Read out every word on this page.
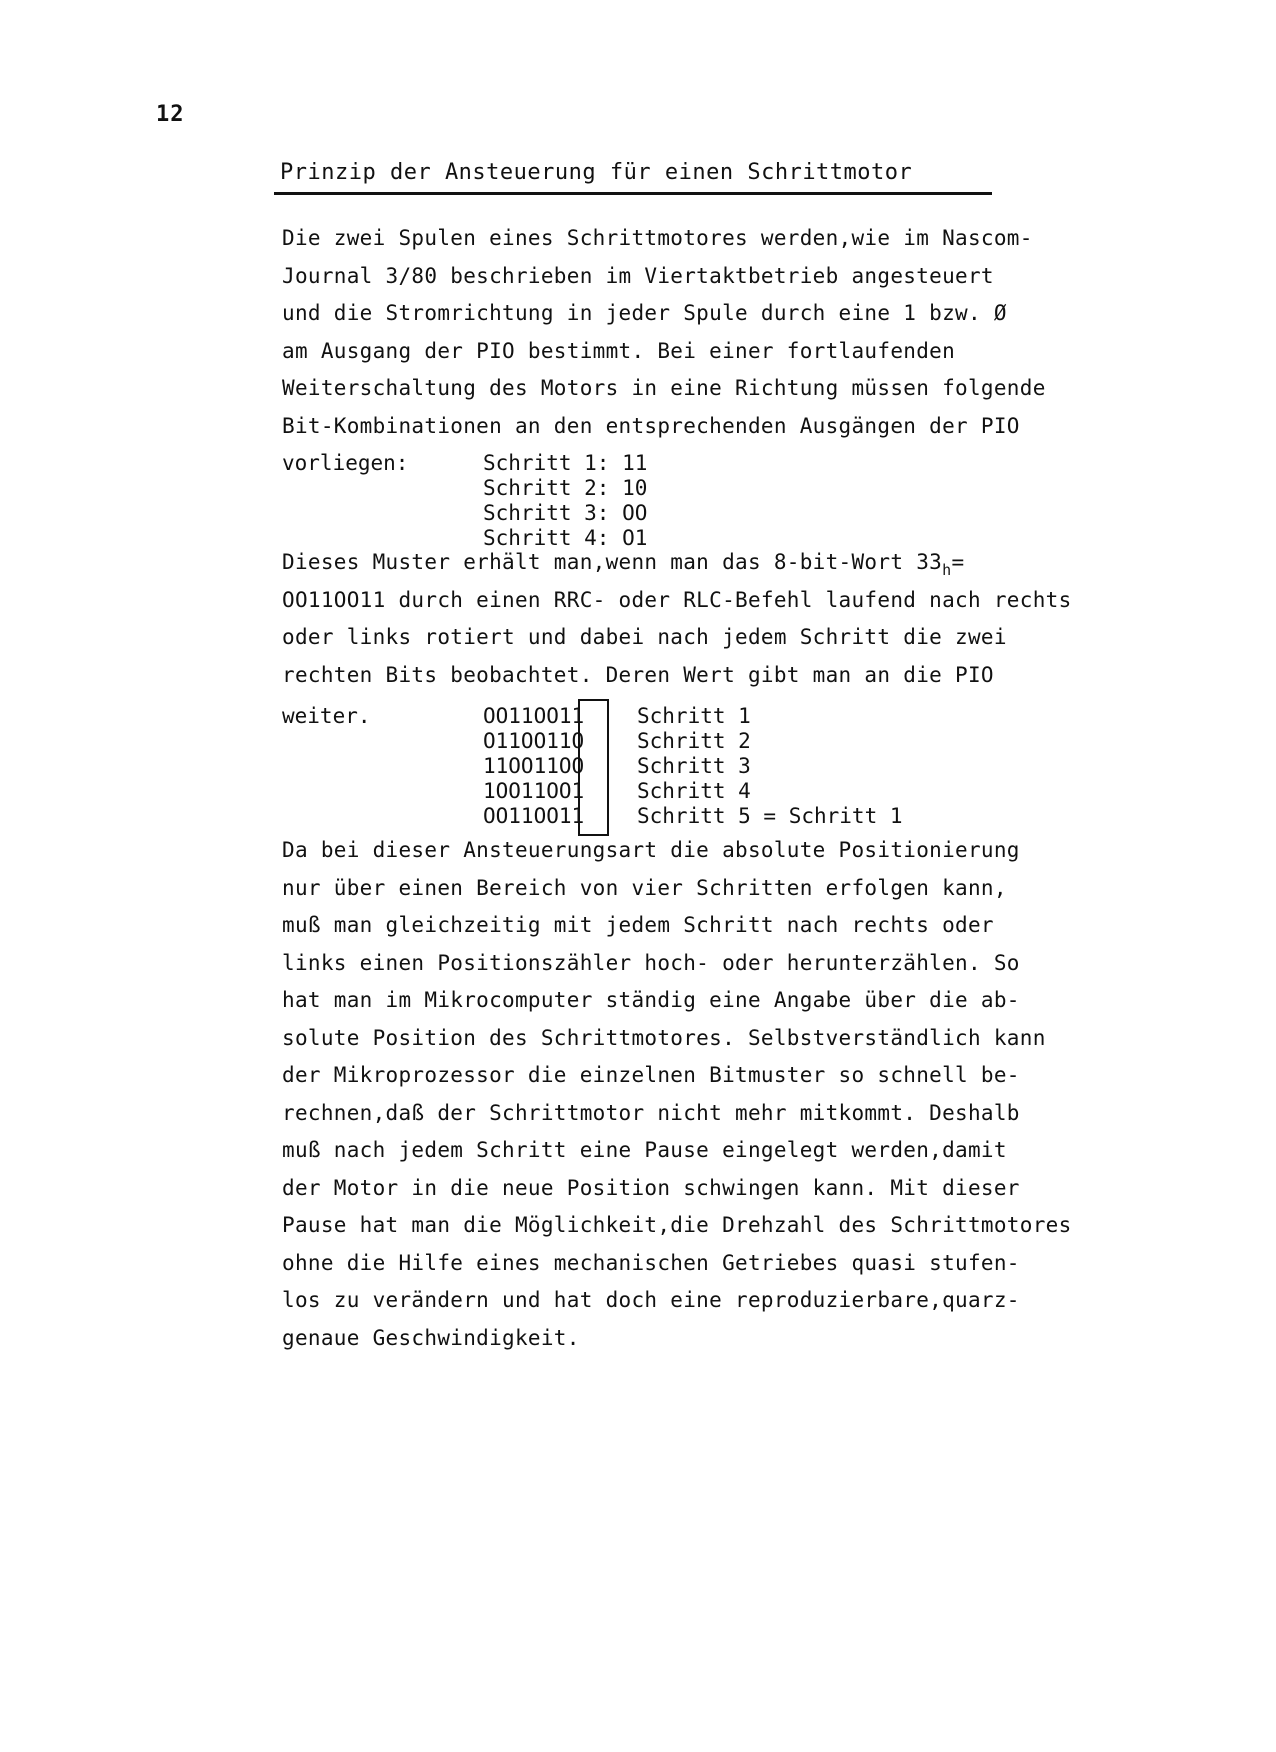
12
Prinzip der Ansteuerung für einen Schrittmotor
Die zwei Spulen eines Schrittmotores werden,wie im Nascom-
Journal 3/80 beschrieben im Viertaktbetrieb angesteuert
und die Stromrichtung in jeder Spule durch eine 1 bzw. Ø
am Ausgang der PIO bestimmt. Bei einer fortlaufenden
Weiterschaltung des Motors in eine Richtung müssen folgende
Bit-Kombinationen an den entsprechenden Ausgängen der PIO
vorliegen:	Schritt 1: 11
Schritt 2: 10
Schritt 3: OO
Schritt 4: O1
Dieses Muster erhält man,wenn man das 8-bit-Wort $33_h=$
OO11OO11 durch einen RRC- oder RLC-Befehl laufend nach rechts
oder links rotiert und dabei nach jedem Schritt die zwei
rechten Bits beobachtet. Deren Wert gibt man an die PIO
weiter.	OO11OO11	Schritt 1
O11OO11O	Schritt 2
11OO11OO	Schritt 3
1OO11OO1	Schritt 4
OO11OO11	Schritt 5 = Schritt 1
Da bei dieser Ansteuerungsart die absolute Positionierung
nur über einen Bereich von vier Schritten erfolgen kann,
muß man gleichzeitig mit jedem Schritt nach rechts oder
links einen Positionszähler hoch- oder herunterzählen. So
hat man im Mikrocomputer ständig eine Angabe über die ab-
solute Position des Schrittmotores. Selbstverständlich kann
der Mikroprozessor die einzelnen Bitmuster so schnell be-
rechnen,daß der Schrittmotor nicht mehr mitkommt. Deshalb
muß nach jedem Schritt eine Pause eingelegt werden,damit
der Motor in die neue Position schwingen kann. Mit dieser
Pause hat man die Möglichkeit,die Drehzahl des Schrittmotores
ohne die Hilfe eines mechanischen Getriebes quasi stufen-
los zu verändern und hat doch eine reproduzierbare,quarz-
genaue Geschwindigkeit.
